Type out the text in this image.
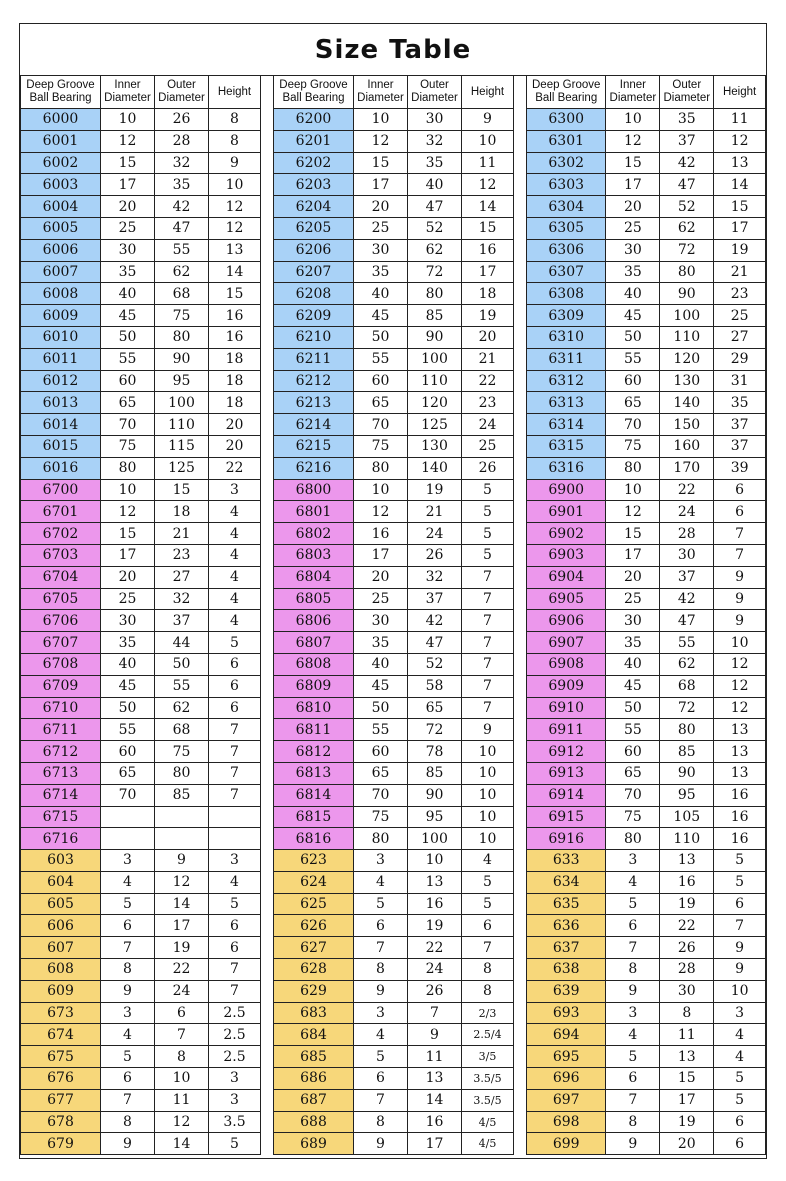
Size Table
Deep Groove Ball Bearing	Inner Diameter	Outer Diameter	Height
6000	10	26	8
6001	12	28	8
6002	15	32	9
6003	17	35	10
6004	20	42	12
6005	25	47	12
6006	30	55	13
6007	35	62	14
6008	40	68	15
6009	45	75	16
6010	50	80	16
6011	55	90	18
6012	60	95	18
6013	65	100	18
6014	70	110	20
6015	75	115	20
6016	80	125	22
6700	10	15	3
6701	12	18	4
6702	15	21	4
6703	17	23	4
6704	20	27	4
6705	25	32	4
6706	30	37	4
6707	35	44	5
6708	40	50	6
6709	45	55	6
6710	50	62	6
6711	55	68	7
6712	60	75	7
6713	65	80	7
6714	70	85	7
6715			
6716			
603	3	9	3
604	4	12	4
605	5	14	5
606	6	17	6
607	7	19	6
608	8	22	7
609	9	24	7
673	3	6	2.5
674	4	7	2.5
675	5	8	2.5
676	6	10	3
677	7	11	3
678	8	12	3.5
679	9	14	5
Deep Groove Ball Bearing	Inner Diameter	Outer Diameter	Height
6200	10	30	9
6201	12	32	10
6202	15	35	11
6203	17	40	12
6204	20	47	14
6205	25	52	15
6206	30	62	16
6207	35	72	17
6208	40	80	18
6209	45	85	19
6210	50	90	20
6211	55	100	21
6212	60	110	22
6213	65	120	23
6214	70	125	24
6215	75	130	25
6216	80	140	26
6800	10	19	5
6801	12	21	5
6802	16	24	5
6803	17	26	5
6804	20	32	7
6805	25	37	7
6806	30	42	7
6807	35	47	7
6808	40	52	7
6809	45	58	7
6810	50	65	7
6811	55	72	9
6812	60	78	10
6813	65	85	10
6814	70	90	10
6815	75	95	10
6816	80	100	10
623	3	10	4
624	4	13	5
625	5	16	5
626	6	19	6
627	7	22	7
628	8	24	8
629	9	26	8
683	3	7	2/3
684	4	9	2.5/4
685	5	11	3/5
686	6	13	3.5/5
687	7	14	3.5/5
688	8	16	4/5
689	9	17	4/5
Deep Groove Ball Bearing	Inner Diameter	Outer Diameter	Height
6300	10	35	11
6301	12	37	12
6302	15	42	13
6303	17	47	14
6304	20	52	15
6305	25	62	17
6306	30	72	19
6307	35	80	21
6308	40	90	23
6309	45	100	25
6310	50	110	27
6311	55	120	29
6312	60	130	31
6313	65	140	35
6314	70	150	37
6315	75	160	37
6316	80	170	39
6900	10	22	6
6901	12	24	6
6902	15	28	7
6903	17	30	7
6904	20	37	9
6905	25	42	9
6906	30	47	9
6907	35	55	10
6908	40	62	12
6909	45	68	12
6910	50	72	12
6911	55	80	13
6912	60	85	13
6913	65	90	13
6914	70	95	16
6915	75	105	16
6916	80	110	16
633	3	13	5
634	4	16	5
635	5	19	6
636	6	22	7
637	7	26	9
638	8	28	9
639	9	30	10
693	3	8	3
694	4	11	4
695	5	13	4
696	6	15	5
697	7	17	5
698	8	19	6
699	9	20	6
